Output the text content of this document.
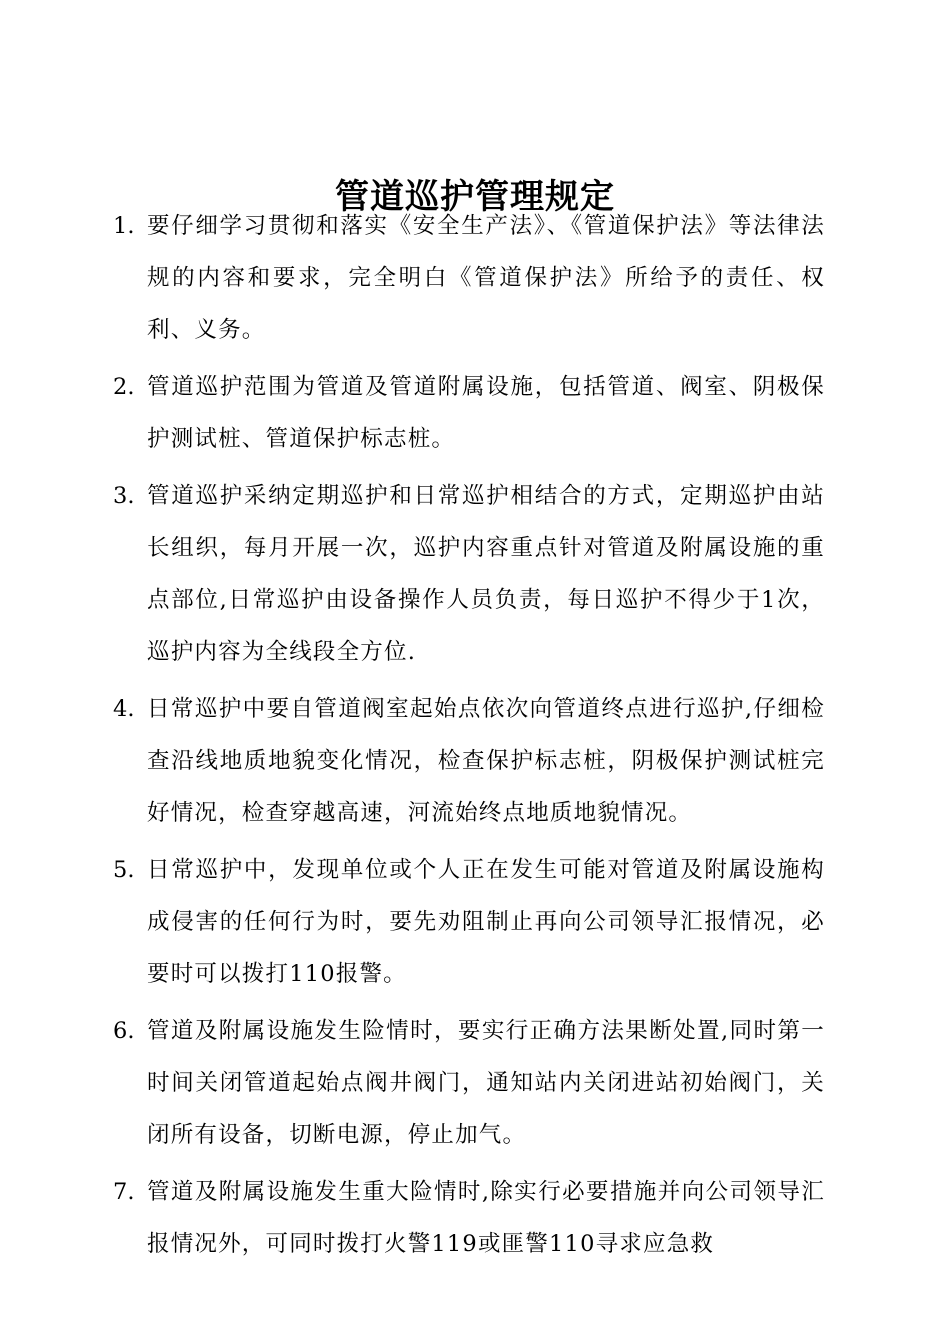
管道巡护管理规定
1. 要仔细学习贯彻和落实《安全生产法》、《管道保护法》等法律法规的内容和要求，完全明白《管道保护法》所给予的责任、权利、义务。
2. 管道巡护范围为管道及管道附属设施，包括管道、阀室、阴极保护测试桩、管道保护标志桩。
3. 管道巡护采纳定期巡护和日常巡护相结合的方式，定期巡护由站长组织，每月开展一次，巡护内容重点针对管道及附属设施的重点部位,日常巡护由设备操作人员负责，每日巡护不得少于1次，巡护内容为全线段全方位.
4. 日常巡护中要自管道阀室起始点依次向管道终点进行巡护,仔细检查沿线地质地貌变化情况，检查保护标志桩，阴极保护测试桩完好情况，检查穿越高速，河流始终点地质地貌情况。
5. 日常巡护中，发现单位或个人正在发生可能对管道及附属设施构成侵害的任何行为时，要先劝阻制止再向公司领导汇报情况，必要时可以拨打110报警。
6. 管道及附属设施发生险情时，要实行正确方法果断处置,同时第一时间关闭管道起始点阀井阀门，通知站内关闭进站初始阀门，关闭所有设备，切断电源，停止加气。
7. 管道及附属设施发生重大险情时,除实行必要措施并向公司领导汇报情况外，可同时拨打火警119或匪警110寻求应急救
